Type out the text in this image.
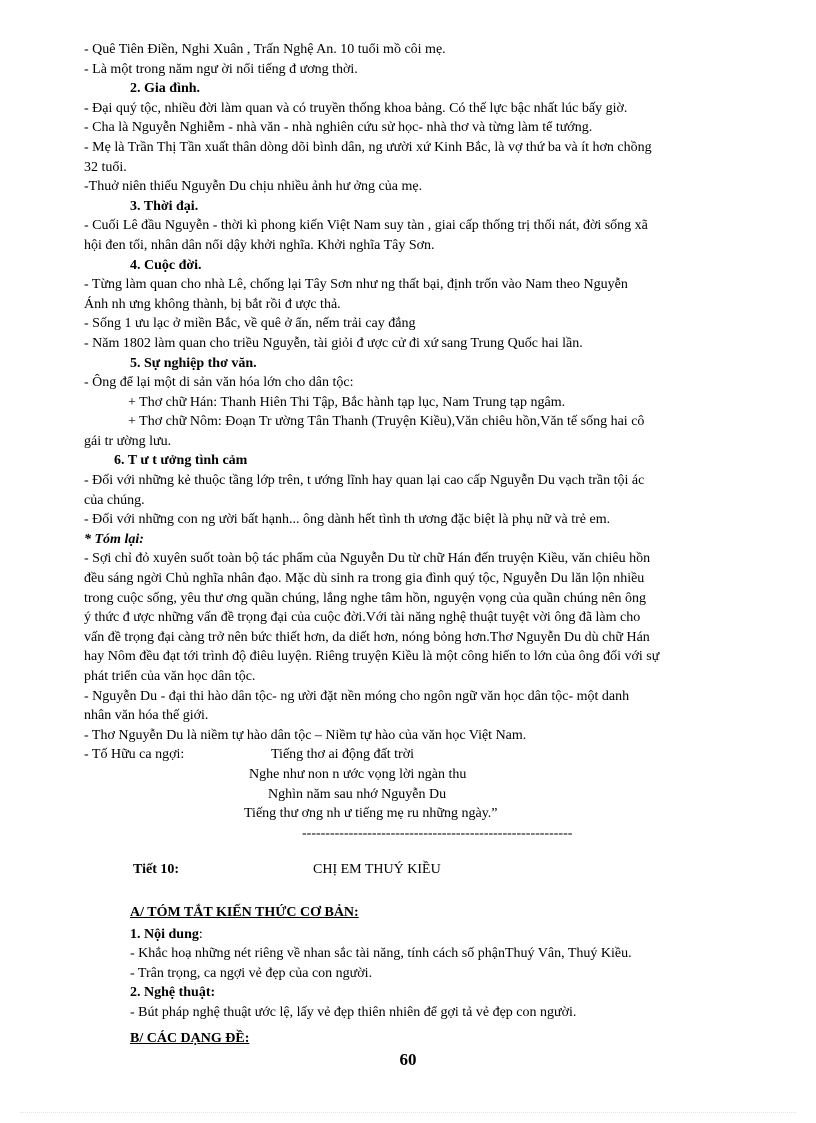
- Quê Tiên Điền, Nghi Xuân , Trấn Nghệ An. 10 tuổi mồ côi mẹ.
- Là một trong năm ngư ời nổi tiếng đ ương thời.
2. Gia đình.
- Đại quý tộc, nhiều đời làm quan và có truyền thống khoa bảng. Có thế lực bậc nhất lúc bấy giờ.
- Cha là Nguyễn Nghiễm - nhà văn - nhà nghiên cứu sử học- nhà thơ và từng làm tể tướng.
- Mẹ là Trần Thị Tần xuất thân dòng dõi bình dân, ng ưười xứ Kinh Bắc, là vợ thứ ba và ít hơn chồng
32 tuổi.
-Thuở niên thiếu Nguyễn Du chịu nhiều ảnh hư ởng của mẹ.
3. Thời đại.
- Cuối Lê đầu Nguyễn - thời kì phong kiến Việt Nam suy tàn , giai cấp thống trị thối nát, đời sống xã
hội đen tối, nhân dân nổi dậy khởi nghĩa. Khởi nghĩa Tây Sơn.
4. Cuộc đời.
- Từng làm quan cho nhà Lê, chống lại Tây Sơn như ng thất bại, định trốn vào Nam theo Nguyễn
Ánh nh ưng không thành, bị bắt rồi đ ược thả.
- Sống 1 ưu lạc ở miền Bắc, về quê ở ẩn, nếm trải cay đắng
- Năm 1802 làm quan cho triều Nguyễn, tài giỏi đ ược cử đi xứ sang Trung Quốc hai lần.
5. Sự nghiệp thơ văn.
- Ông để lại một di sản văn hóa lớn cho dân tộc:
+ Thơ chữ Hán: Thanh Hiên Thi Tập, Bắc hành tạp lục, Nam Trung tạp ngâm.
+ Thơ chữ Nôm: Đoạn Tr ường Tân Thanh (Truyện Kiều),Văn chiêu hồn,Văn tế sống hai cô
gái tr ường lưu.
6. T ư t ưởng tình cảm
- Đối với những kẻ thuộc tầng lớp trên, t ướng lĩnh hay quan lại cao cấp Nguyễn Du vạch trần tội ác
của chúng.
- Đối với những con ng ười bất hạnh... ông dành hết tình th ương đặc biệt là phụ nữ và trẻ em.
* Tóm lại:
- Sợi chỉ đỏ xuyên suốt toàn bộ tác phẩm của Nguyễn Du từ chữ Hán đến truyện Kiều, văn chiêu hồn
đều sáng ngời Chủ nghĩa nhân đạo. Mặc dù sinh ra trong gia đình quý tộc, Nguyễn Du lăn lộn nhiều
trong cuộc sống, yêu thư ơng quần chúng, lắng nghe tâm hồn, nguyện vọng của quần chúng nên ông
ý thức đ ược những vấn đề trọng đại của cuộc đời.Với tài năng nghệ thuật tuyệt vời ông đã làm cho
vấn đề trọng đại càng trở nên bức thiết hơn, da diết hơn, nóng bỏng hơn.Thơ Nguyễn Du dù chữ Hán
hay Nôm đều đạt tới trình độ điêu luyện. Riêng truyện Kiều là một công hiến to lớn của ông đối với sự
phát triển của văn học dân tộc.
- Nguyễn Du - đại thi hào dân tộc- ng ười đặt nền móng cho ngôn ngữ văn học dân tộc- một danh
nhân văn hóa thế giới.
- Thơ Nguyễn Du là niềm tự hào dân tộc – Niềm tự hào của văn học Việt Nam.
- Tố Hữu ca ngợi:	Tiếng thơ ai động đất trời
Nghe như non n ước vọng lời ngàn thu
Nghìn năm sau nhớ Nguyễn Du
Tiếng thư ơng nh ư tiếng mẹ ru những ngày.”
----------------------------------------------------------
Tiết 10:	CHỊ EM THUÝ KIỀU
A/ TÓM TẮT KIẾN THỨC CƠ BẢN:
1. Nội dung:
- Khắc hoạ những nét riêng về nhan sắc tài năng, tính cách số phậnThuý Vân, Thuý Kiều.
- Trân trọng, ca ngợi vẻ đẹp của con người.
2. Nghệ thuật:
- Bút pháp nghệ thuật ước lệ, lấy vẻ đẹp thiên nhiên để gợi tả vẻ đẹp con người.
B/ CÁC DẠNG ĐỀ:
60
